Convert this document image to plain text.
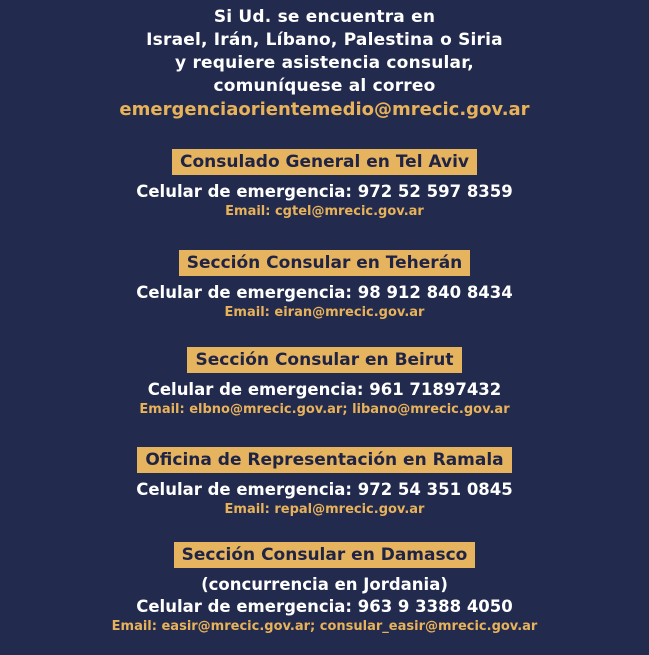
Si Ud. se encuentra en
Israel, Irán, Líbano, Palestina o Siria
y requiere asistencia consular,
comuníquese al correo
emergenciaorientemedio@mrecic.gov.ar
Consulado General en Tel Aviv
Celular de emergencia: 972 52 597 8359
Email: cgtel@mrecic.gov.ar
Sección Consular en Teherán
Celular de emergencia: 98 912 840 8434
Email: eiran@mrecic.gov.ar
Sección Consular en Beirut
Celular de emergencia: 961 71897432
Email: elbno@mrecic.gov.ar; libano@mrecic.gov.ar
Oficina de Representación en Ramala
Celular de emergencia: 972 54 351 0845
Email: repal@mrecic.gov.ar
Sección Consular en Damasco
(concurrencia en Jordania)
Celular de emergencia: 963 9 3388 4050
Email: easir@mrecic.gov.ar; consular_easir@mrecic.gov.ar
